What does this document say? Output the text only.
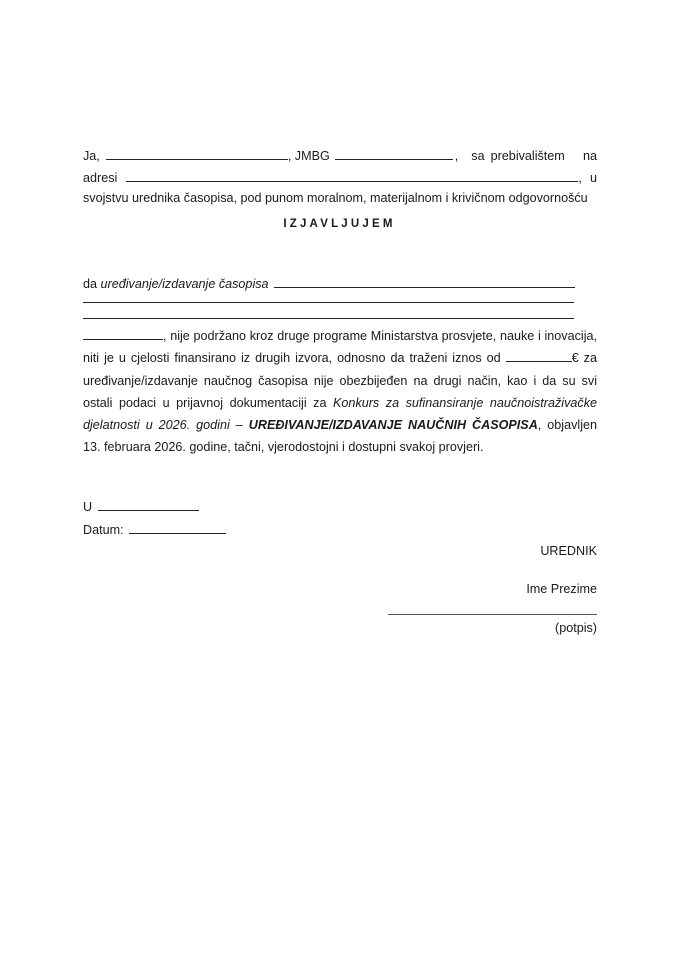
Ja,	, JMBG	, sa prebivalištem na
adresi	, u
svojstvu urednika časopisa, pod punom moralnom, materijalnom i krivičnom odgovornošću
IZJAVLJUJEM
da uređivanje/izdavanje časopisa
, nije podržano kroz druge programe Ministarstva prosvjete, nauke i inovacija, niti je u cjelosti finansirano iz drugih izvora, odnosno da traženi iznos od	€ za uređivanje/izdavanje naučnog časopisa nije obezbijeđen na drugi način, kao i da su svi ostali podaci u prijavnoj dokumentaciji za Konkurs za sufinansiranje naučnoistraživačke djelatnosti u 2026. godini – UREĐIVANJE/IZDAVANJE NAUČNIH ČASOPISA, objavljen 13. februara 2026. godine, tačni, vjerodostojni i dostupni svakoj provjeri.
U
Datum:
UREDNIK
Ime Prezime
(potpis)
